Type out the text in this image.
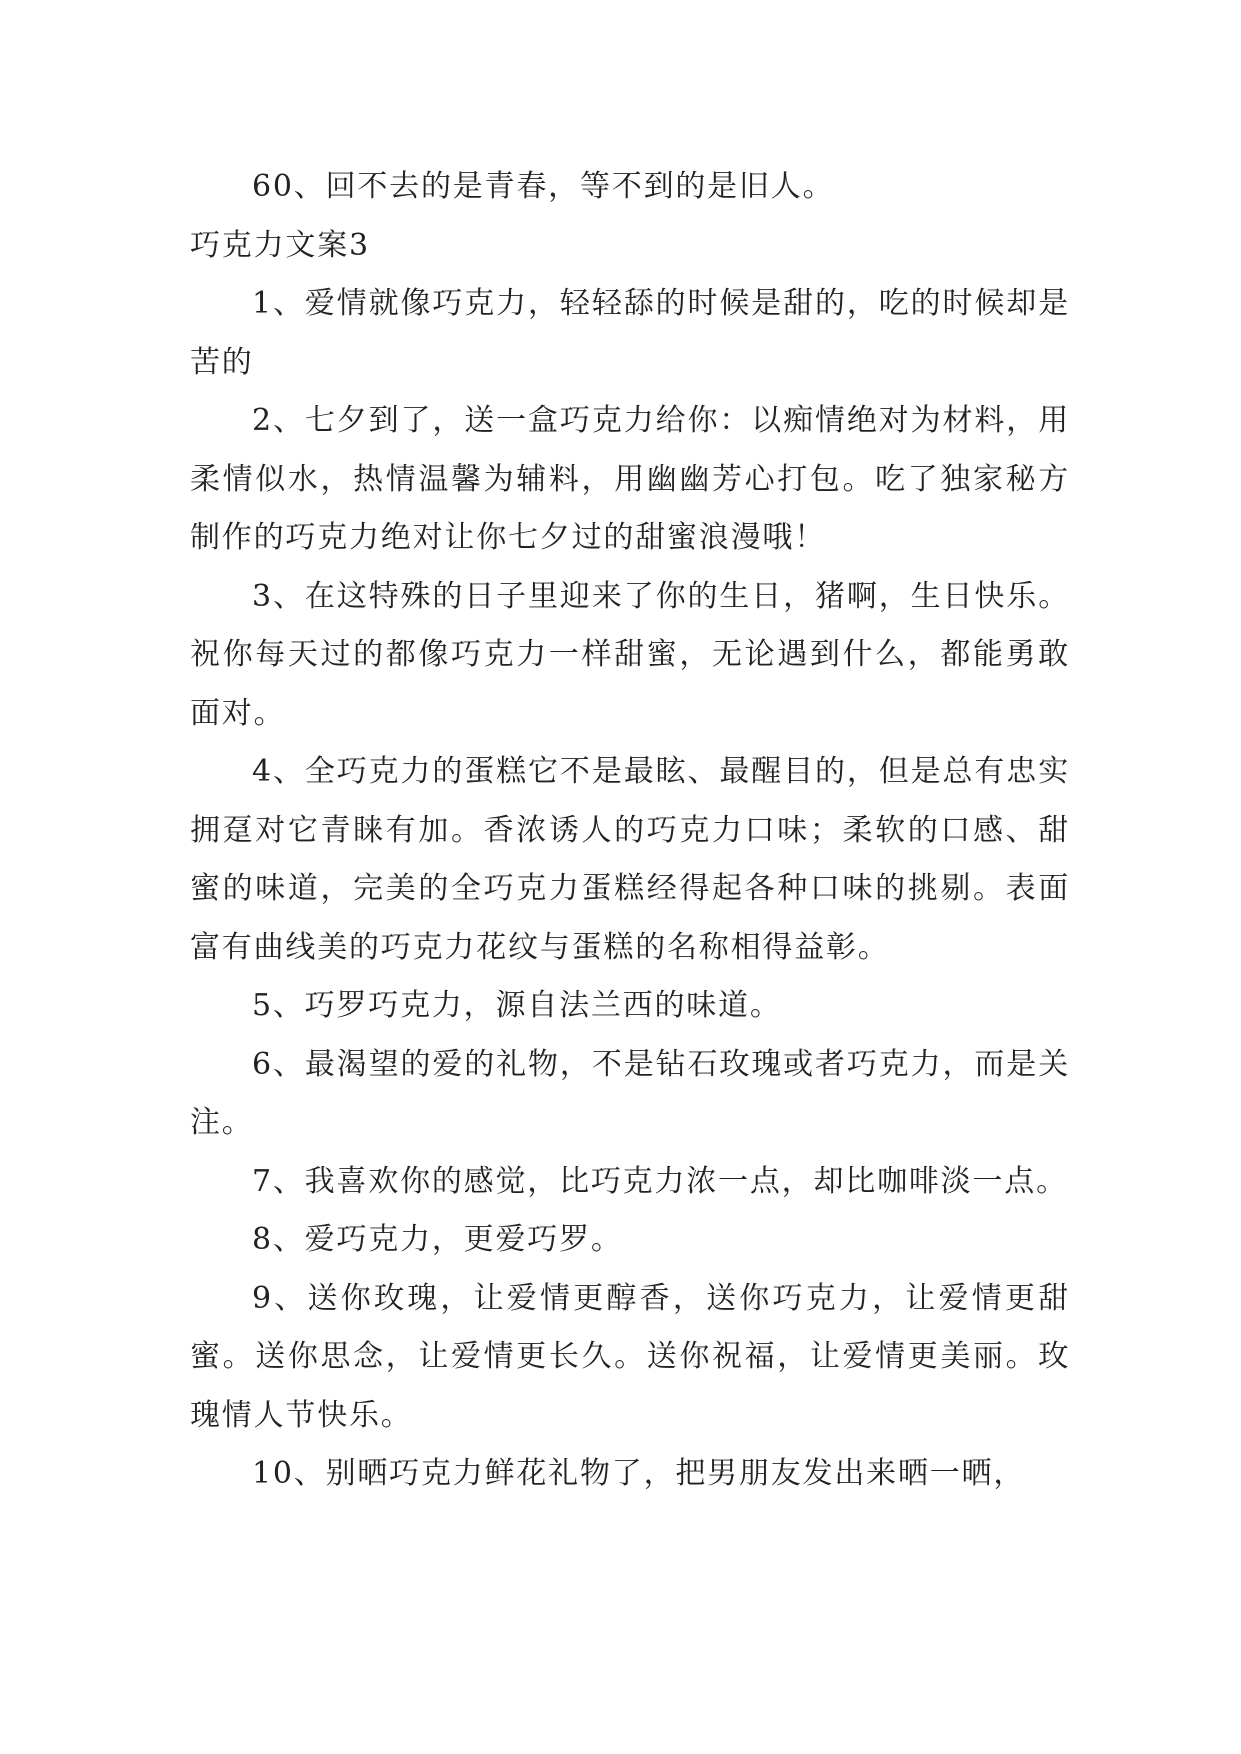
60、回不去的是青春，等不到的是旧人。

巧克力文案3

1、爱情就像巧克力，轻轻舔的时候是甜的，吃的时候却是苦的

2、七夕到了，送一盒巧克力给你：以痴情绝对为材料，用柔情似水，热情温馨为辅料，用幽幽芳心打包。吃了独家秘方制作的巧克力绝对让你七夕过的甜蜜浪漫哦！

3、在这特殊的日子里迎来了你的生日，猪啊，生日快乐。祝你每天过的都像巧克力一样甜蜜，无论遇到什么，都能勇敢面对。

4、全巧克力的蛋糕它不是最眩、最醒目的，但是总有忠实拥趸对它青睐有加。香浓诱人的巧克力口味；柔软的口感、甜蜜的味道，完美的全巧克力蛋糕经得起各种口味的挑剔。表面富有曲线美的巧克力花纹与蛋糕的名称相得益彰。

5、巧罗巧克力，源自法兰西的味道。

6、最渴望的爱的礼物，不是钻石玫瑰或者巧克力，而是关注。

7、我喜欢你的感觉，比巧克力浓一点，却比咖啡淡一点。

8、爱巧克力，更爱巧罗。

9、送你玫瑰，让爱情更醇香，送你巧克力，让爱情更甜蜜。送你思念，让爱情更长久。送你祝福，让爱情更美丽。玫瑰情人节快乐。

10、别晒巧克力鲜花礼物了，把男朋友发出来晒一晒，
